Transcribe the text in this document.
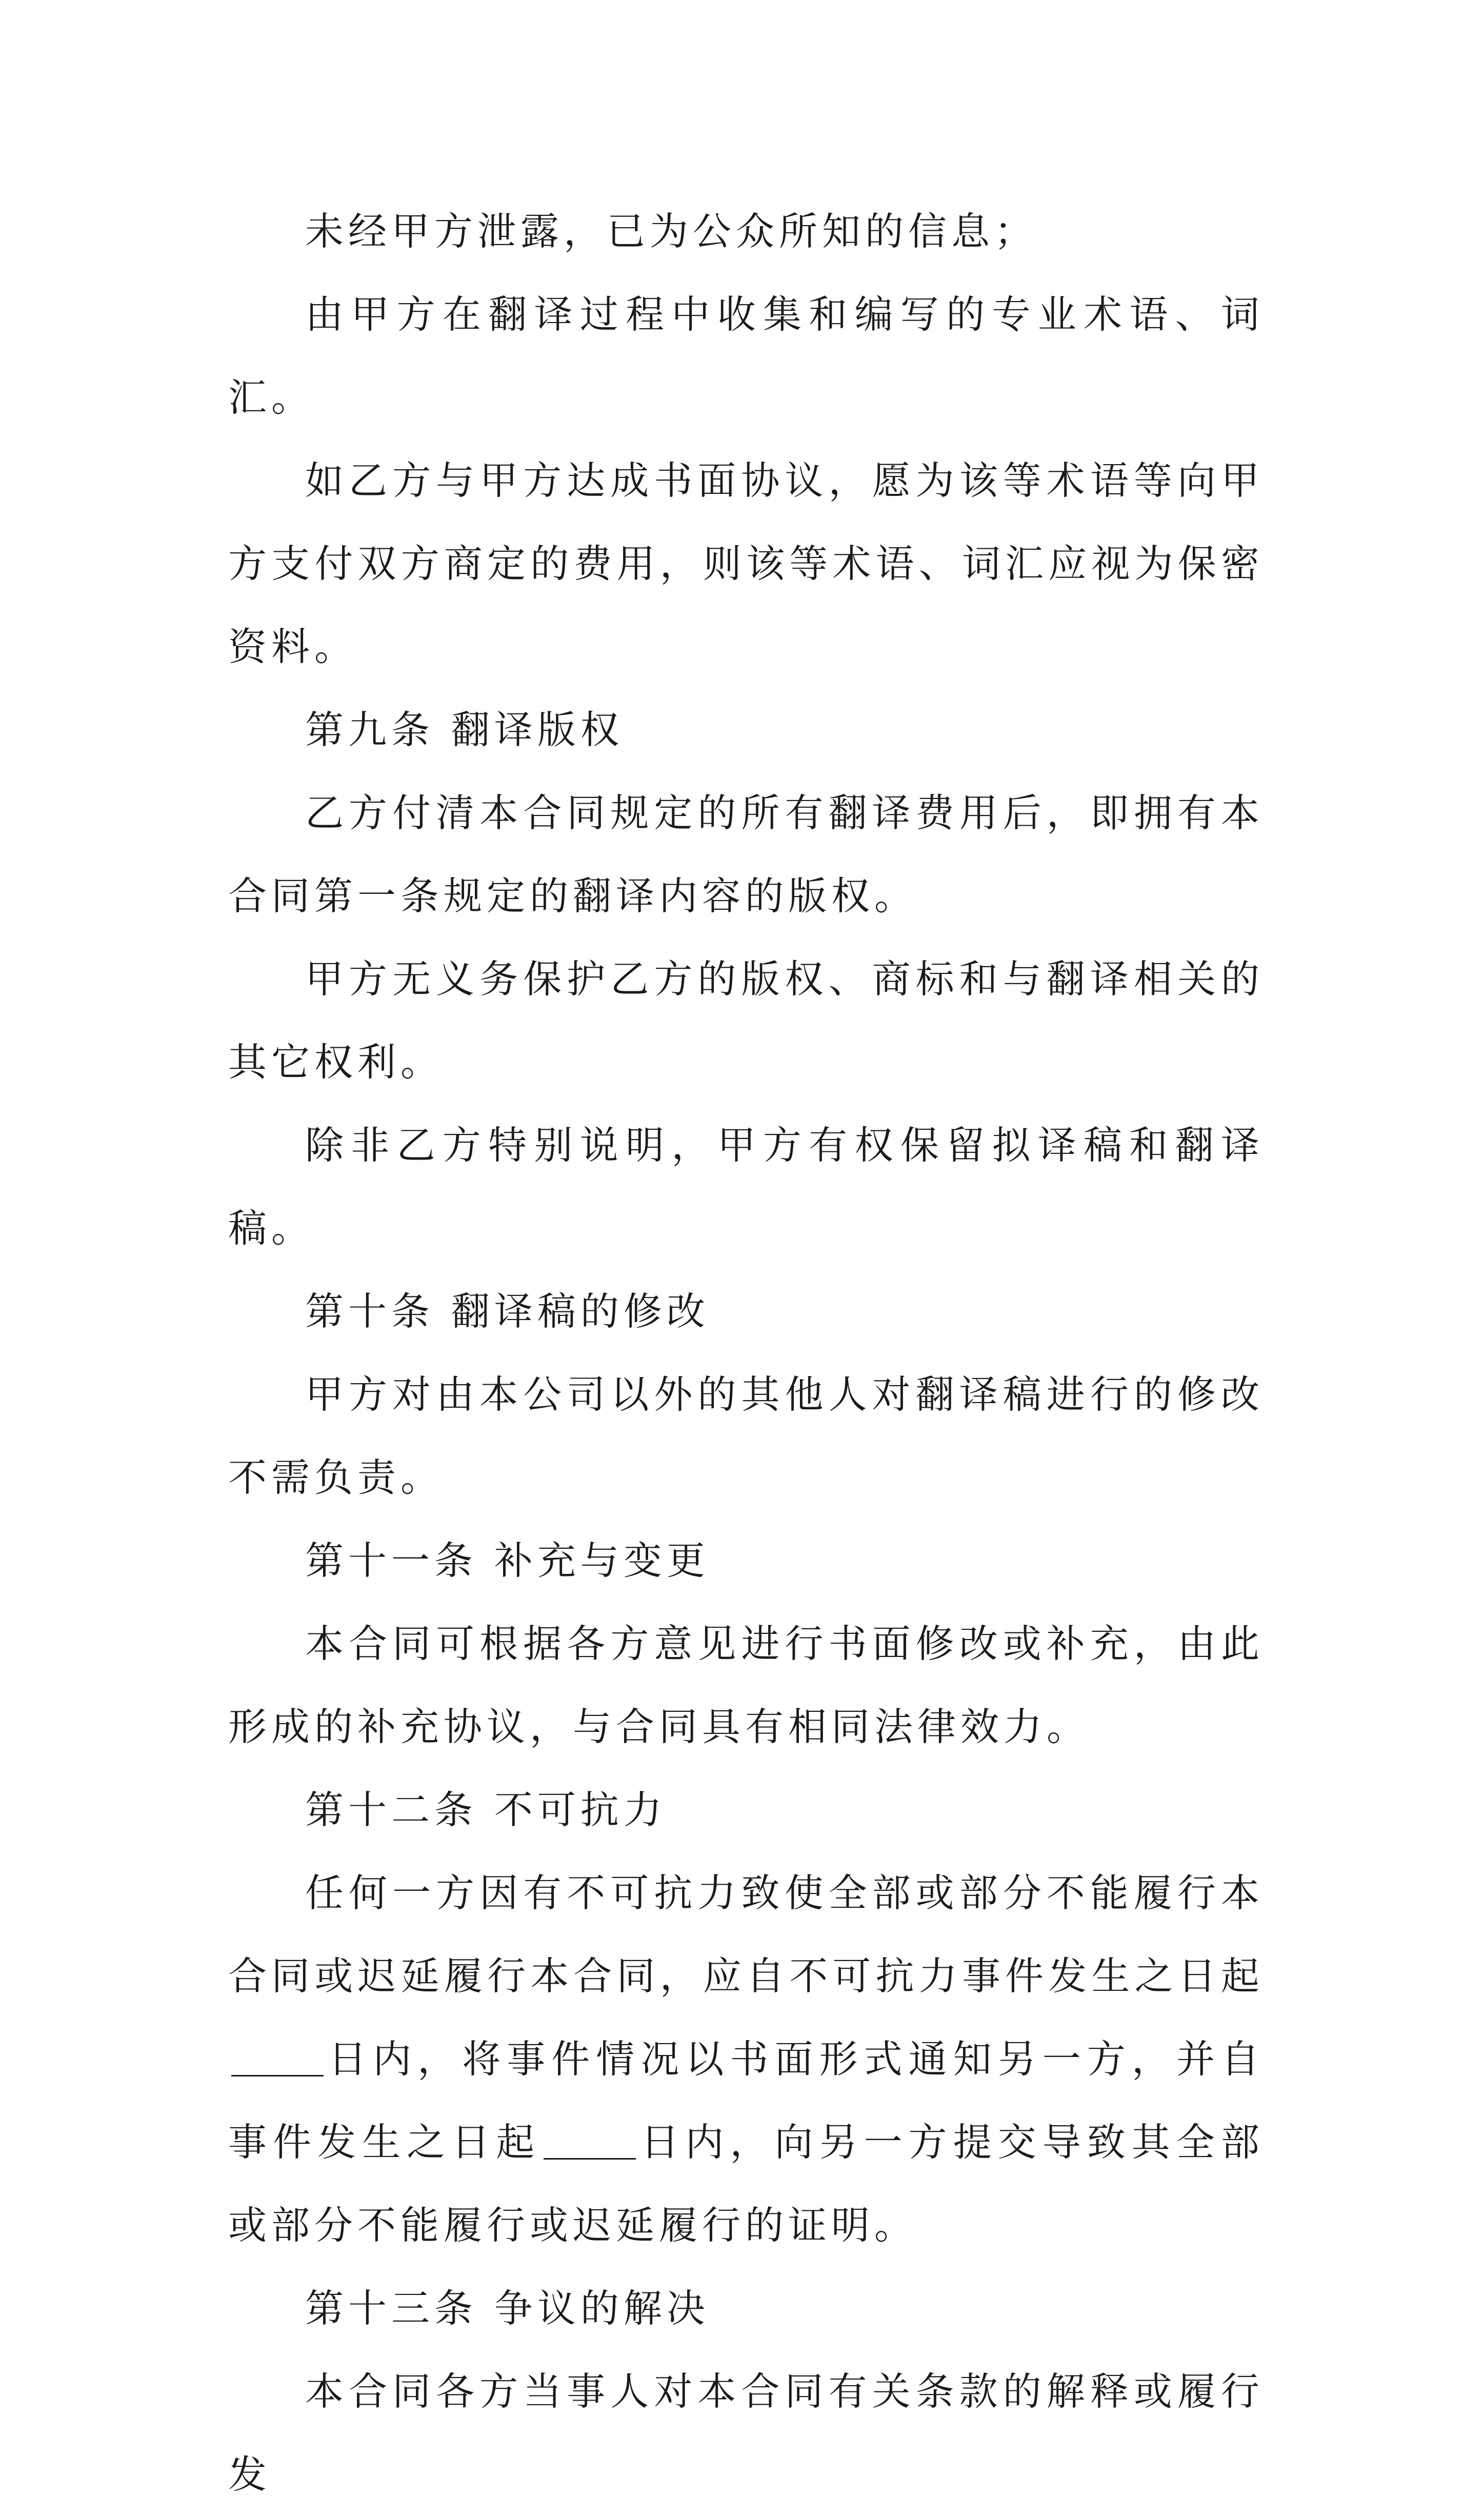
未经甲方泄露，已为公众所知的信息；

由甲方在翻译过程中收集和编写的专业术语、词汇。

如乙方与甲方达成书面协议，愿为该等术语等向甲方支付双方商定的费用，则该等术语、词汇应视为保密资料。

第九条 翻译版权

乙方付清本合同规定的所有翻译费用后，即拥有本合同第一条规定的翻译内容的版权。

甲方无义务保护乙方的版权、商标和与翻译相关的其它权利。

除非乙方特别说明，甲方有权保留拟译稿和翻译稿。

第十条 翻译稿的修改

甲方对由本公司以外的其他人对翻译稿进行的修改不需负责。

第十一条 补充与变更

本合同可根据各方意见进行书面修改或补充，由此形成的补充协议，与合同具有相同法律效力。

第十二条 不可抗力

任何一方因有不可抗力致使全部或部分不能履行本合同或迟延履行本合同，应自不可抗力事件发生之日起日内，将事件情况以书面形式通知另一方，并自事件发生之日起	日内，向另一方提交导致其全部或部分不能履行或迟延履行的证明。

第十三条 争议的解决

本合同各方当事人对本合同有关条款的解释或履行发
